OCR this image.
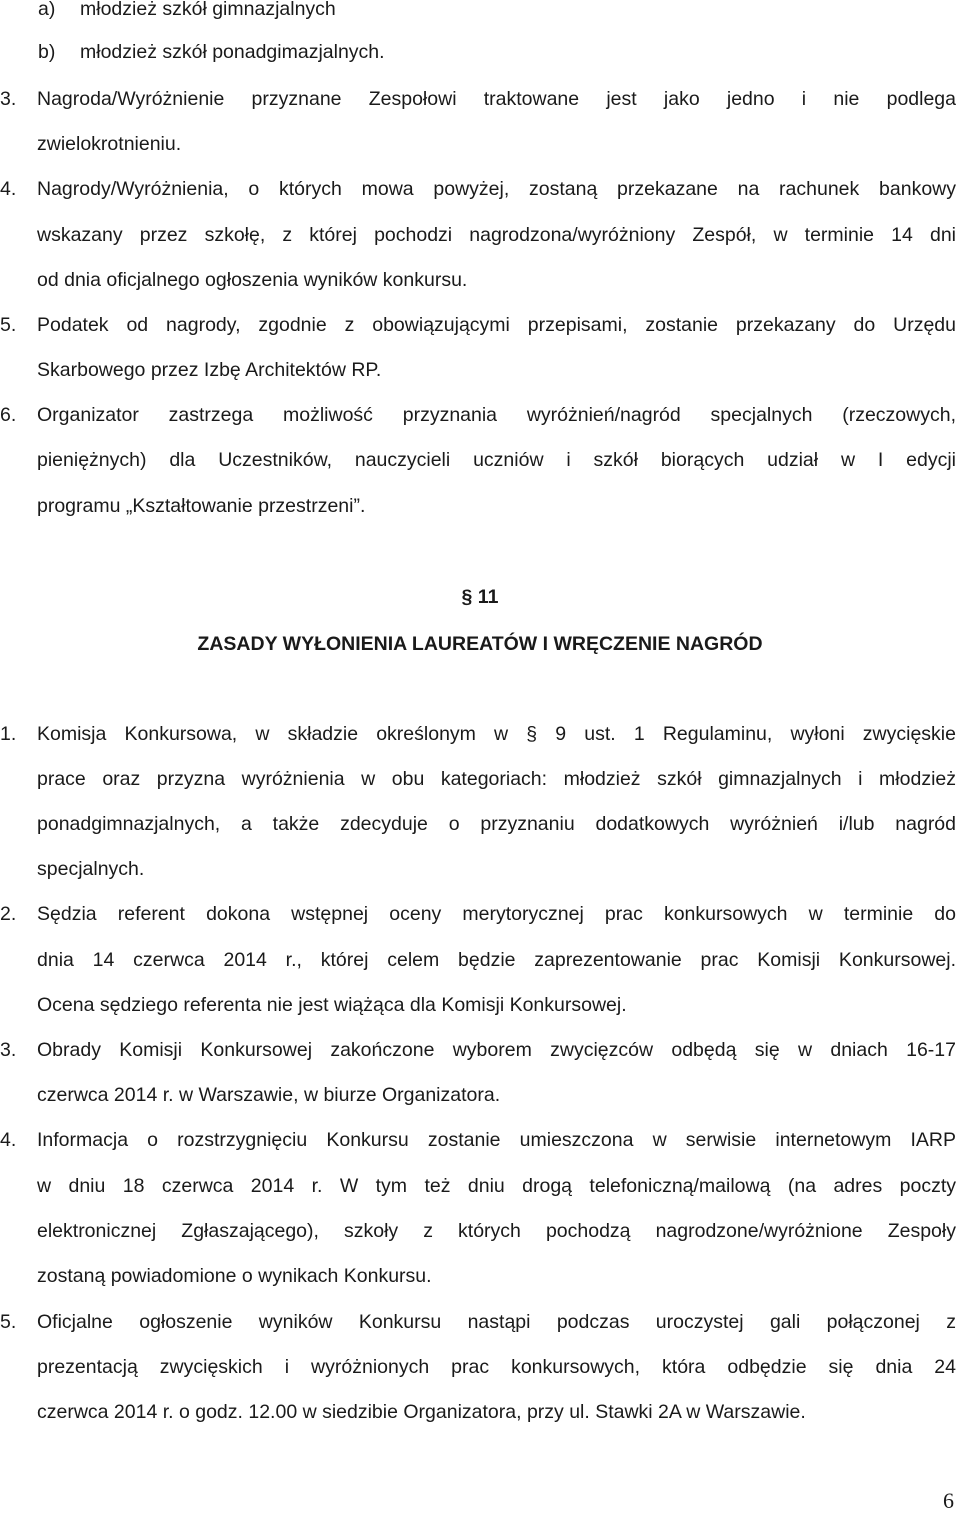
a) młodzież szkół gimnazjalnych
b) młodzież szkół ponadgimazjalnych.
3. Nagroda/Wyróżnienie przyznane Zespołowi traktowane jest jako jedno i nie podlega
zwielokrotnieniu.
4. Nagrody/Wyróżnienia, o których mowa powyżej, zostaną przekazane na rachunek bankowy
wskazany przez szkołę, z której pochodzi nagrodzona/wyróżniony Zespół, w terminie 14 dni
od dnia oficjalnego ogłoszenia wyników konkursu.
5. Podatek od nagrody, zgodnie z obowiązującymi przepisami, zostanie przekazany do Urzędu
Skarbowego przez Izbę Architektów RP.
6. Organizator zastrzega możliwość przyznania wyróżnień/nagród specjalnych (rzeczowych,
pieniężnych) dla Uczestników, nauczycieli uczniów i szkół biorących udział w I edycji
programu „Kształtowanie przestrzeni”.
§ 11
ZASADY WYŁONIENIA LAUREATÓW I WRĘCZENIE NAGRÓD
1. Komisja Konkursowa, w składzie określonym w § 9 ust. 1 Regulaminu, wyłoni zwycięskie
prace oraz przyzna wyróżnienia w obu kategoriach: młodzież szkół gimnazjalnych i młodzież
ponadgimnazjalnych, a także zdecyduje o przyznaniu dodatkowych wyróżnień i/lub nagród
specjalnych.
2. Sędzia referent dokona wstępnej oceny merytorycznej prac konkursowych w terminie do
dnia 14 czerwca 2014 r., której celem będzie zaprezentowanie prac Komisji Konkursowej.
Ocena sędziego referenta nie jest wiążąca dla Komisji Konkursowej.
3. Obrady Komisji Konkursowej zakończone wyborem zwycięzców odbędą się w dniach 16-17
czerwca 2014 r. w Warszawie, w biurze Organizatora.
4. Informacja o rozstrzygnięciu Konkursu zostanie umieszczona w serwisie internetowym IARP
w dniu 18 czerwca 2014 r. W tym też dniu drogą telefoniczną/mailową (na adres poczty
elektronicznej Zgłaszającego), szkoły z których pochodzą nagrodzone/wyróżnione Zespoły
zostaną powiadomione o wynikach Konkursu.
5. Oficjalne ogłoszenie wyników Konkursu nastąpi podczas uroczystej gali połączonej z
prezentacją zwycięskich i wyróżnionych prac konkursowych, która odbędzie się dnia 24
czerwca 2014 r. o godz. 12.00 w siedzibie Organizatora, przy ul. Stawki 2A w Warszawie.
6
